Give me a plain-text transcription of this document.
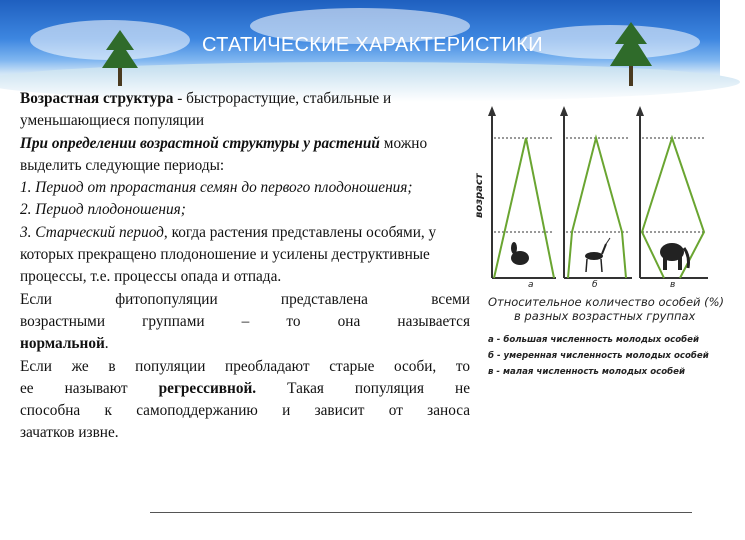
СТАТИЧЕСКИЕ ХАРАКТЕРИСТИКИ

Возрастная структура - быстрорастущие, стабильные и уменьшающиеся популяции

При определении возрастной структуры у растений можно выделить следующие периоды:

1. Период от прорастания семян до первого плодоношения;

2. Период плодоношения;

3. Старческий период, когда растения представлены особями, у которых прекращено плодоношение и усилены деструктивные процессы, т.е. процессы опада и отпада.

Если фитопопуляции представлена всеми

возрастными группами – то она называется

нормальной.

Если же в популяции преобладают старые особи, то

ее называют регрессивной. Такая популяция не

способна к самоподдержанию и зависит от заноса

зачатков извне.

а	б	в
возраст
Относительное количество особей (%)
в разных возрастных группах
а - большая численность молодых особей
б - умеренная численность молодых особей
в - малая численность молодых особей
